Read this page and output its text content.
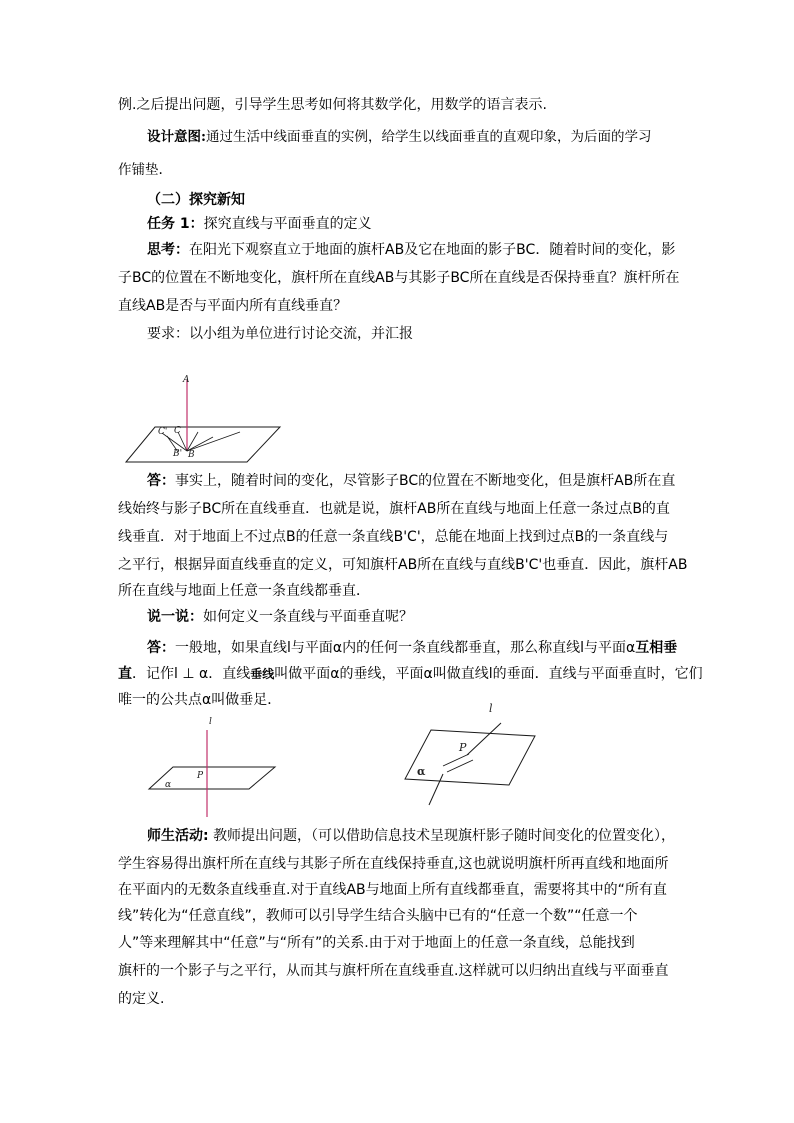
例.之后提出问题，引导学生思考如何将其数学化，用数学的语言表示.
设计意图:通过生活中线面垂直的实例，给学生以线面垂直的直观印象，为后面的学习
作铺垫.
（二）探究新知
任务 1：探究直线与平面垂直的定义
思考：在阳光下观察直立于地面的旗杆AB及它在地面的影子BC．随着时间的变化，影
子BC的位置在不断地变化，旗杆所在直线AB与其影子BC所在直线是否保持垂直？旗杆所在
直线AB是否与平面内所有直线垂直？
要求：以小组为单位进行讨论交流，并汇报
A
C' C
B
B'
答：事实上，随着时间的变化，尽管影子BC的位置在不断地变化，但是旗杆AB所在直
线始终与影子BC所在直线垂直．也就是说，旗杆AB所在直线与地面上任意一条过点B的直
线垂直．对于地面上不过点B的任意一条直线B'C'，总能在地面上找到过点B的一条直线与
之平行，根据异面直线垂直的定义，可知旗杆AB所在直线与直线B'C'也垂直．因此，旗杆AB
所在直线与地面上任意一条直线都垂直．
说一说：如何定义一条直线与平面垂直呢？
答：一般地，如果直线l与平面α内的任何一条直线都垂直，那么称直线l与平面α互相垂
直．记作l ⊥ α．直线垂线叫做平面α的垂线，平面α叫做直线l的垂面．直线与平面垂直时，它们
唯一的公共点α叫做垂足．
l
P
α
l
P
α
师生活动: 教师提出问题，（可以借助信息技术呈现旗杆影子随时间变化的位置变化），
学生容易得出旗杆所在直线与其影子所在直线保持垂直,这也就说明旗杆所再直线和地面所
在平面内的无数条直线垂直.对于直线AB与地面上所有直线都垂直，需要将其中的“所有直
线”转化为“任意直线”，教师可以引导学生结合头脑中已有的“任意一个数”“任意一个
人”等来理解其中“任意”与“所有”的关系.由于对于地面上的任意一条直线，总能找到
旗杆的一个影子与之平行，从而其与旗杆所在直线垂直.这样就可以归纳出直线与平面垂直
的定义.
